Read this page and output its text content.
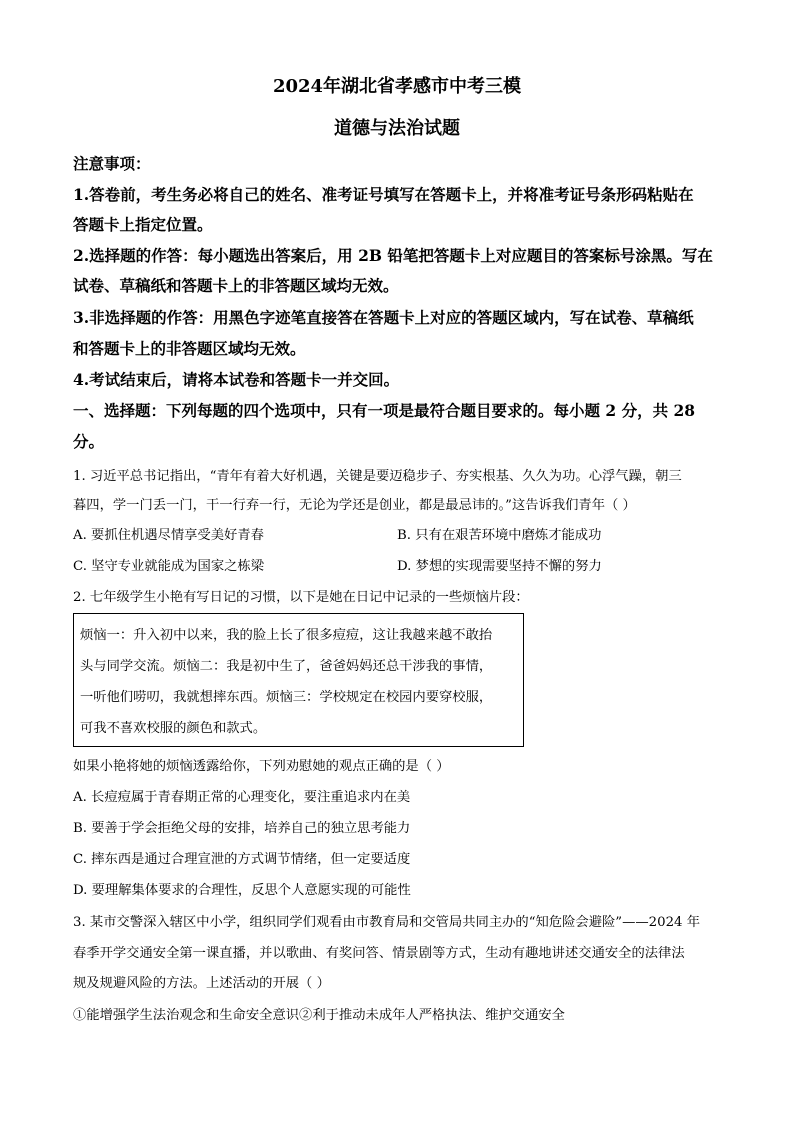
2024年湖北省孝感市中考三模
道德与法治试题
注意事项：
1.答卷前，考生务必将自己的姓名、准考证号填写在答题卡上，并将准考证号条形码粘贴在
答题卡上指定位置。
2.选择题的作答：每小题选出答案后，用 2B 铅笔把答题卡上对应题目的答案标号涂黑。写在
试卷、草稿纸和答题卡上的非答题区域均无效。
3.非选择题的作答：用黑色字迹笔直接答在答题卡上对应的答题区域内，写在试卷、草稿纸
和答题卡上的非答题区域均无效。
4.考试结束后，请将本试卷和答题卡一并交回。
一、选择题：下列每题的四个选项中，只有一项是最符合题目要求的。每小题 2 分，共 28
分。
1. 习近平总书记指出，“青年有着大好机遇，关键是要迈稳步子、夯实根基、久久为功。心浮气躁，朝三
暮四，学一门丢一门，干一行弃一行，无论为学还是创业，都是最忌讳的。”这告诉我们青年（ ）
A. 要抓住机遇尽情享受美好青春	B. 只有在艰苦环境中磨炼才能成功
C. 坚守专业就能成为国家之栋梁	D. 梦想的实现需要坚持不懈的努力
2. 七年级学生小艳有写日记的习惯，以下是她在日记中记录的一些烦恼片段：
烦恼一：升入初中以来，我的脸上长了很多痘痘，这让我越来越不敢抬
头与同学交流。烦恼二：我是初中生了，爸爸妈妈还总干涉我的事情，
一听他们唠叨，我就想摔东西。烦恼三：学校规定在校园内要穿校服，
可我不喜欢校服的颜色和款式。
如果小艳将她的烦恼透露给你，下列劝慰她的观点正确的是（ ）
A. 长痘痘属于青春期正常的心理变化，要注重追求内在美
B. 要善于学会拒绝父母的安排，培养自己的独立思考能力
C. 摔东西是通过合理宣泄的方式调节情绪，但一定要适度
D. 要理解集体要求的合理性，反思个人意愿实现的可能性
3. 某市交警深入辖区中小学，组织同学们观看由市教育局和交管局共同主办的“知危险会避险”——2024 年
春季开学交通安全第一课直播，并以歌曲、有奖问答、情景剧等方式，生动有趣地讲述交通安全的法律法
规及规避风险的方法。上述活动的开展（ ）
①能增强学生法治观念和生命安全意识②利于推动未成年人严格执法、维护交通安全
